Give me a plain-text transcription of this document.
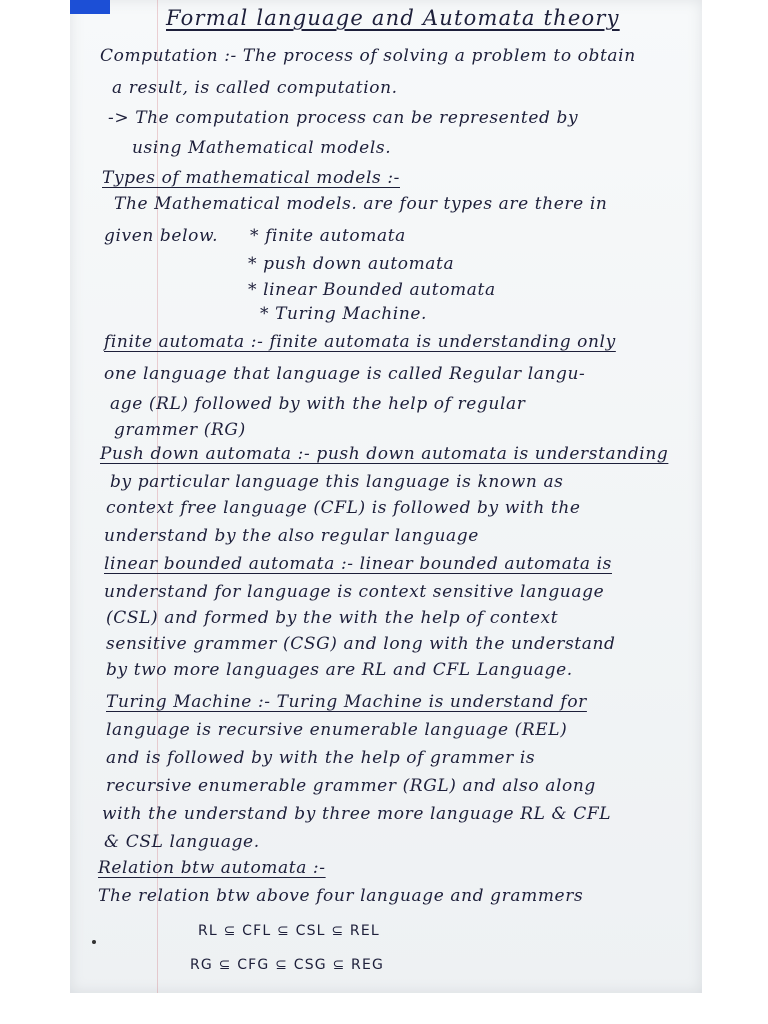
Formal language and Automata theory
Computation :- The process of solving a problem to obtain
a result, is called computation.
-> The computation process can be represented by
using Mathematical models.
Types of mathematical models :-
The Mathematical models. are four types are there in
given below. * finite automata
* push down automata
* linear Bounded automata
* Turing Machine.
finite automata :- finite automata is understanding only
one language that language is called Regular langu-
age (RL) followed by with the help of regular
grammer (RG)
Push down automata :- push down automata is understanding
by particular language this language is known as
context free language (CFL) is followed by with the
understand by the also regular language
linear bounded automata :- linear bounded automata is
understand for language is context sensitive language
(CSL) and formed by the with the help of context
sensitive grammer (CSG) and long with the understand
by two more languages are RL and CFL Language.
Turing Machine :- Turing Machine is understand for
language is recursive enumerable language (REL)
and is followed by with the help of grammer is
recursive enumerable grammer (RGL) and also along
with the understand by three more language RL & CFL
& CSL language.
Relation btw automata :-
The relation btw above four language and grammers
RL ⊆ CFL ⊆ CSL ⊆ REL
RG ⊆ CFG ⊆ CSG ⊆ REG
